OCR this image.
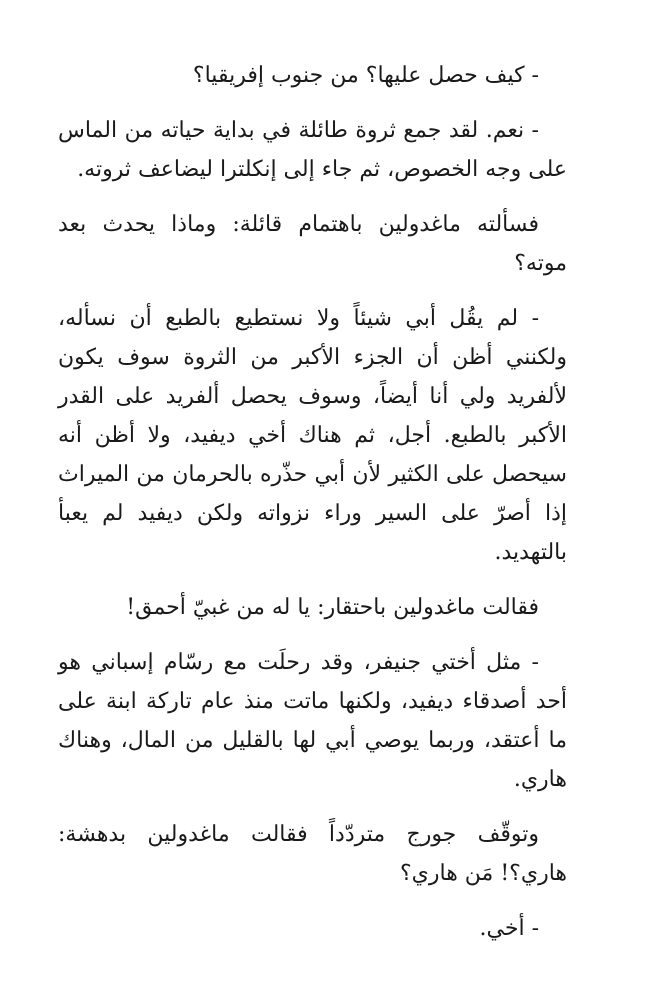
- كيف حصل عليها؟ من جنوب إفريقيا؟

- نعم. لقد جمع ثروة طائلة في بداية حياته من الماس على وجه الخصوص، ثم جاء إلى إنكلترا ليضاعف ثروته.

فسألته ماغدولين باهتمام قائلة: وماذا يحدث بعد موته؟

- لم يقُل أبي شيئاً ولا نستطيع بالطبع أن نسأله، ولكنني أظن أن الجزء الأكبر من الثروة سوف يكون لألفريد ولي أنا أيضاً، وسوف يحصل ألفريد على القدر الأكبر بالطبع. أجل، ثم هناك أخي ديفيد، ولا أظن أنه سيحصل على الكثير لأن أبي حذّره بالحرمان من الميراث إذا أصرّ على السير وراء نزواته ولكن ديفيد لم يعبأ بالتهديد.

فقالت ماغدولين باحتقار: يا له من غبيّ أحمق!

- مثل أختي جنيفر، وقد رحلَت مع رسّام إسباني هو أحد أصدقاء ديفيد، ولكنها ماتت منذ عام تاركة ابنة على ما أعتقد، وربما يوصي أبي لها بالقليل من المال، وهناك هاري.

وتوقّف جورج متردّداً فقالت ماغدولين بدهشة: هاري؟! مَن هاري؟

- أخي.
